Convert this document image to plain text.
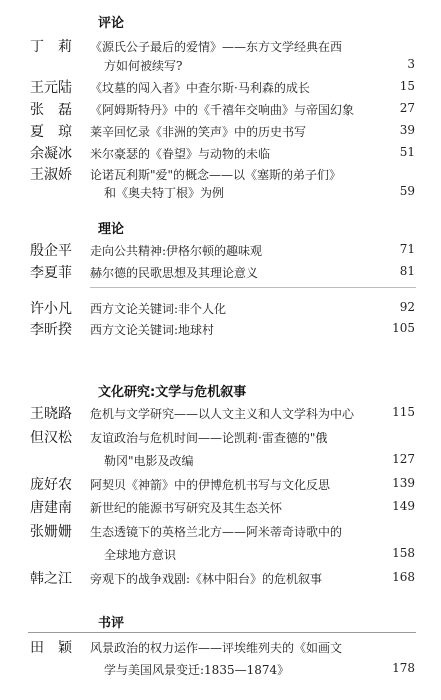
评论
丁　莉 《源氏公子最后的爱情》——东方文学经典在西
方如何被续写?	3
王元陆 《坟墓的闯入者》中查尔斯·马利森的成长	15
张　磊 《阿姆斯特丹》中的《千禧年交响曲》与帝国幻象	27
夏　琼 莱辛回忆录《非洲的笑声》中的历史书写	39
余凝冰 米尔豪瑟的《眷望》与动物的未临	51
王淑娇 论诺瓦利斯"爱"的概念——以《塞斯的弟子们》
和《奥夫特丁根》为例	59
理论
殷企平 走向公共精神:伊格尔顿的趣味观	71
李夏菲 赫尔德的民歌思想及其理论意义	81
许小凡 西方文论关键词:非个人化	92
李昕揆 西方文论关键词:地球村	105
文化研究:文学与危机叙事
王晓路 危机与文学研究——以人文主义和人文学科为中心	115
但汉松 友谊政治与危机时间——论凯莉·雷查德的"俄
勒冈"电影及改编	127
庞好农 阿契贝《神箭》中的伊博危机书写与文化反思	139
唐建南 新世纪的能源书写研究及其生态关怀	149
张姗姗 生态透镜下的英格兰北方——阿米蒂奇诗歌中的
全球地方意识	158
韩之江 旁观下的战争戏剧:《林中阳台》的危机叙事	168
书评
田　颖 风景政治的权力运作——评埃维列夫的《如画文
学与美国风景变迁:1835—1874》	178
